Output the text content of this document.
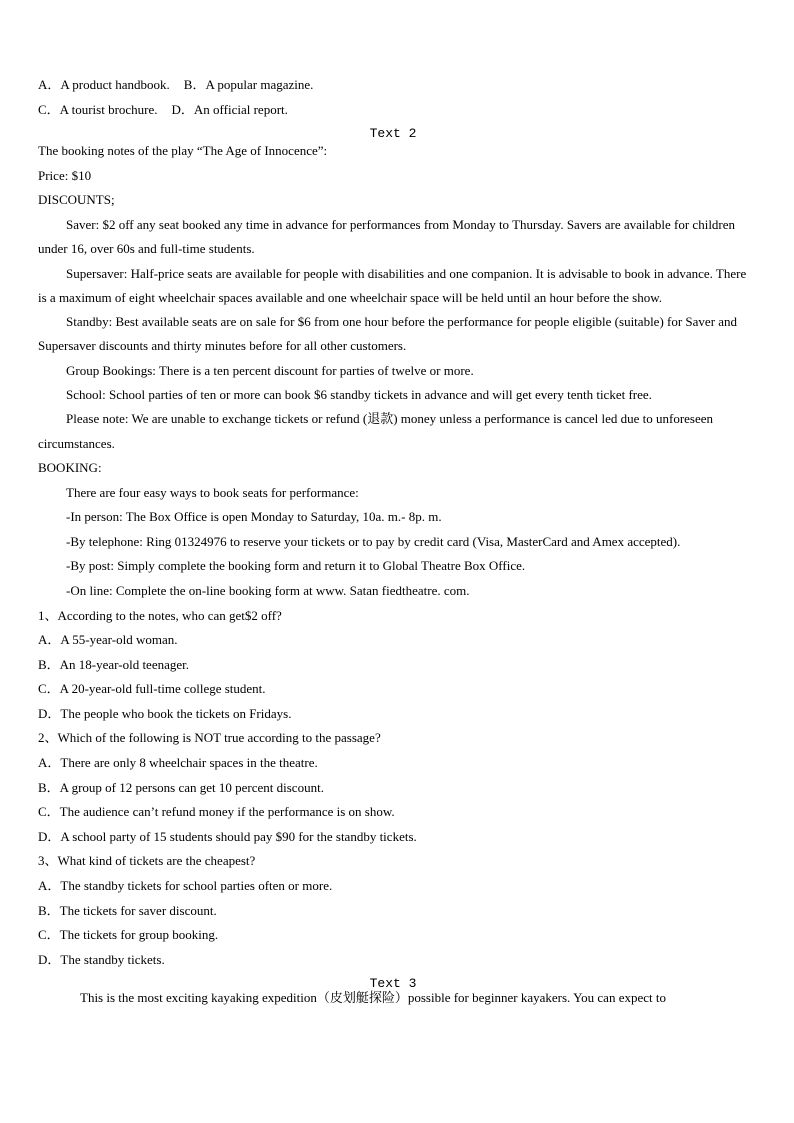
A．A product handbook. B．A popular magazine.
C．A tourist brochure. D．An official report.
Text 2
The booking notes of the play “The Age of Innocence”:
Price: $10
DISCOUNTS;
Saver: $2 off any seat booked any time in advance for performances from Monday to Thursday. Savers are available for children under 16, over 60s and full-time students.
Supersaver: Half-price seats are available for people with disabilities and one companion. It is advisable to book in advance. There is a maximum of eight wheelchair spaces available and one wheelchair space will be held until an hour before the show.
Standby: Best available seats are on sale for $6 from one hour before the performance for people eligible (suitable) for Saver and Supersaver discounts and thirty minutes before for all other customers.
Group Bookings: There is a ten percent discount for parties of twelve or more.
School: School parties of ten or more can book $6 standby tickets in advance and will get every tenth ticket free.
Please note: We are unable to exchange tickets or refund (退款) money unless a performance is cancel led due to unforeseen circumstances.
BOOKING:
There are four easy ways to book seats for performance:
-In person: The Box Office is open Monday to Saturday, 10a. m.- 8p. m.
-By telephone: Ring 01324976 to reserve your tickets or to pay by credit card (Visa, MasterCard and Amex accepted).
-By post: Simply complete the booking form and return it to Global Theatre Box Office.
-On line: Complete the on-line booking form at www. Satan fiedtheatre. com.
1、According to the notes, who can get$2 off?
A．A 55-year-old woman.
B．An 18-year-old teenager.
C．A 20-year-old full-time college student.
D．The people who book the tickets on Fridays.
2、Which of the following is NOT true according to the passage?
A．There are only 8 wheelchair spaces in the theatre.
B．A group of 12 persons can get 10 percent discount.
C．The audience can’t refund money if the performance is on show.
D．A school party of 15 students should pay $90 for the standby tickets.
3、What kind of tickets are the cheapest?
A．The standby tickets for school parties often or more.
B．The tickets for saver discount.
C．The tickets for group booking.
D．The standby tickets.
Text 3
This is the most exciting kayaking expedition（皮划艇探险）possible for beginner kayakers. You can expect to
